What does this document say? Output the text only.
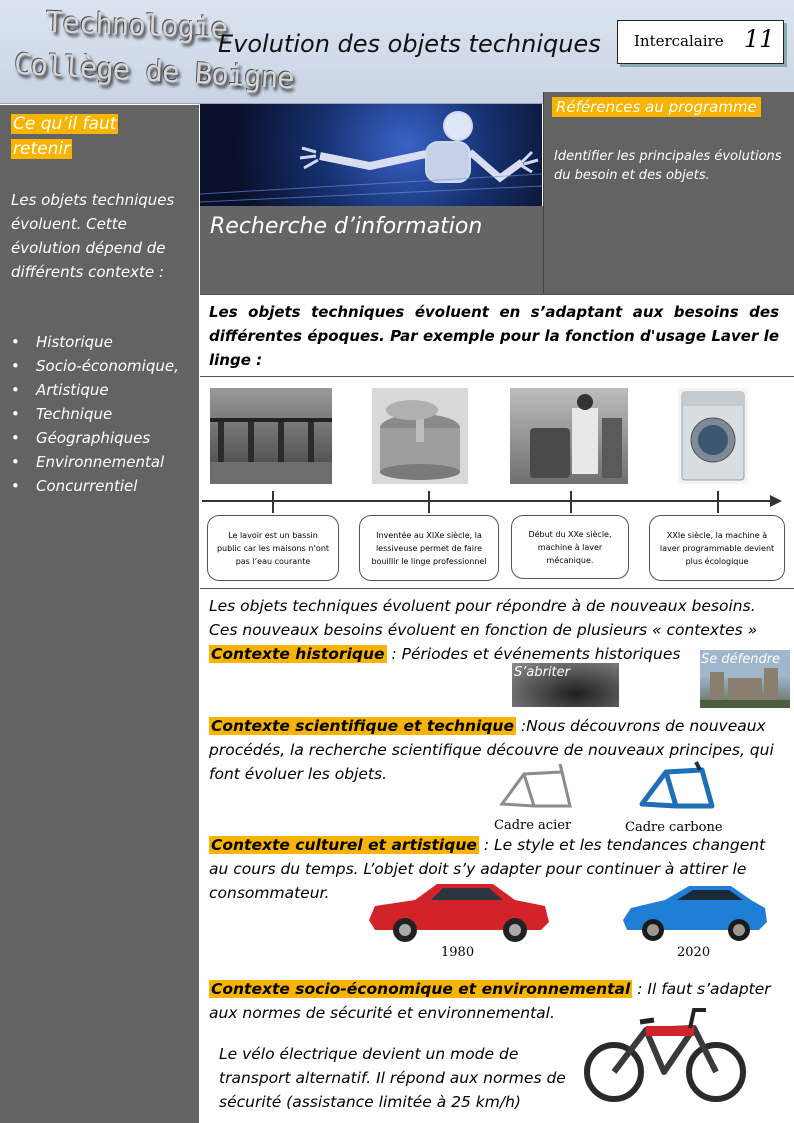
Technologie
Collège de Boigne
Evolution des objets techniques Intercalaire 11
Ce qu’il faut retenir
Les objets techniques évoluent. Cette évolution dépend de différents contexte :
• Historique
• Socio-économique,
• Artistique
• Technique
• Géographiques
• Environnemental
• Concurrentiel
Recherche d’information
Références au programme
Identifier les principales évolutions du besoin et des objets.
Les objets techniques évoluent en s’adaptant aux besoins des différentes époques. Par exemple pour la fonction d'usage Laver le linge :
Le lavoir est un bassin public car les maisons n’ont pas l’eau courante
Inventée au XIXe siècle, la lessiveuse permet de faire bouillir le linge professionnel
Début du XXe siècle, machine à laver mécanique.
XXIe siècle, la machine à laver programmable devient plus écologique
Les objets techniques évoluent pour répondre à de nouveaux besoins.
Ces nouveaux besoins évoluent en fonction de plusieurs « contextes »
Contexte historique : Périodes et événements historiques
S’abriter
Se défendre
Contexte scientifique et technique :Nous découvrons de nouveaux procédés, la recherche scientifique découvre de nouveaux principes, qui font évoluer les objets.
Cadre acier	Cadre carbone
Contexte culturel et artistique : Le style et les tendances changent au cours du temps. L’objet doit s’y adapter pour continuer à attirer le consommateur.
1980	2020
Contexte socio-économique et environnemental : Il faut s’adapter aux normes de sécurité et environnemental.
Le vélo électrique devient un mode de transport alternatif. Il répond aux normes de sécurité (assistance limitée à 25 km/h)
